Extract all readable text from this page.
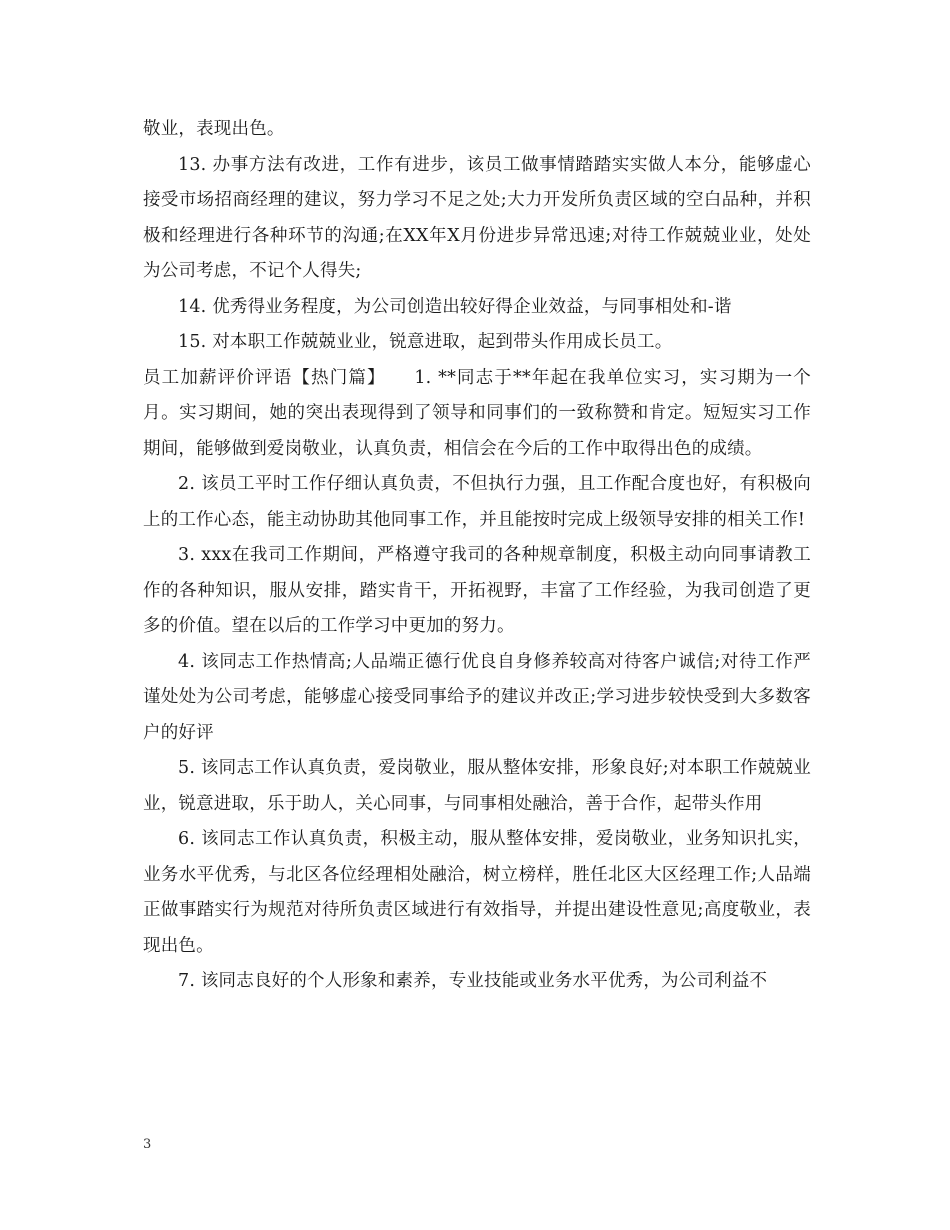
敬业，表现出色。

13. 办事方法有改进，工作有进步，该员工做事情踏踏实实做人本分，能够虚心接受市场招商经理的建议，努力学习不足之处;大力开发所负责区域的空白品种，并积极和经理进行各种环节的沟通;在XX年X月份进步异常迅速;对待工作兢兢业业，处处为公司考虑，不记个人得失;

14. 优秀得业务程度，为公司创造出较好得企业效益，与同事相处和-谐

15. 对本职工作兢兢业业，锐意进取，起到带头作用成长员工。

员工加薪评价评语【热门篇】　　1. **同志于**年起在我单位实习，实习期为一个月。实习期间，她的突出表现得到了领导和同事们的一致称赞和肯定。短短实习工作期间，能够做到爱岗敬业，认真负责，相信会在今后的工作中取得出色的成绩。

2. 该员工平时工作仔细认真负责，不但执行力强，且工作配合度也好，有积极向上的工作心态，能主动协助其他同事工作，并且能按时完成上级领导安排的相关工作!

3. xxx在我司工作期间，严格遵守我司的各种规章制度，积极主动向同事请教工作的各种知识，服从安排，踏实肯干，开拓视野，丰富了工作经验，为我司创造了更多的价值。望在以后的工作学习中更加的努力。

4. 该同志工作热情高;人品端正德行优良自身修养较高对待客户诚信;对待工作严谨处处为公司考虑，能够虚心接受同事给予的建议并改正;学习进步较快受到大多数客户的好评

5. 该同志工作认真负责，爱岗敬业，服从整体安排，形象良好;对本职工作兢兢业业，锐意进取，乐于助人，关心同事，与同事相处融洽，善于合作，起带头作用

6. 该同志工作认真负责，积极主动，服从整体安排，爱岗敬业，业务知识扎实，业务水平优秀，与北区各位经理相处融洽，树立榜样，胜任北区大区经理工作;人品端正做事踏实行为规范对待所负责区域进行有效指导，并提出建设性意见;高度敬业，表现出色。

7. 该同志良好的个人形象和素养，专业技能或业务水平优秀，为公司利益不

3
